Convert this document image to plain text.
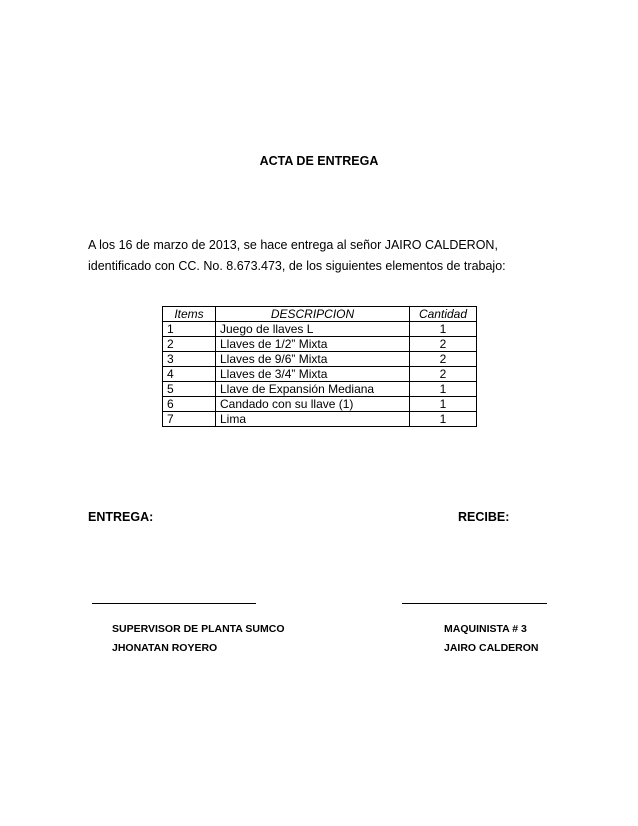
ACTA DE ENTREGA
A los 16 de marzo de 2013, se hace entrega al señor JAIRO CALDERON, identificado con CC. No. 8.673.473, de los siguientes elementos de trabajo:
Items	DESCRIPCION	Cantidad
1	Juego de llaves L	1
2	Llaves de 1/2” Mixta	2
3	Llaves de 9/6” Mixta	2
4	Llaves de 3/4” Mixta	2
5	Llave de Expansión Mediana	1
6	Candado con su llave (1)	1
7	Lima	1
ENTREGA:	RECIBE:
SUPERVISOR DE PLANTA SUMCO
JHONATAN ROYERO
MAQUINISTA # 3
JAIRO CALDERON
